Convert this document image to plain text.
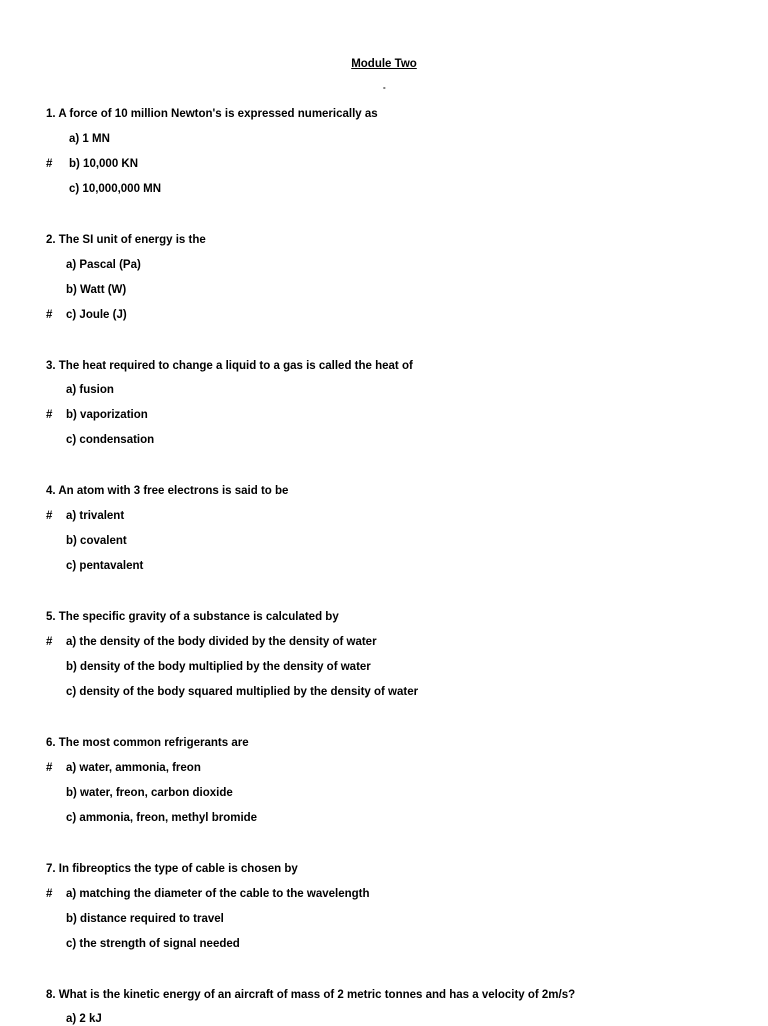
Module Two
-
1. A force of 10 million Newton's is expressed numerically as
a) 1 MN
# b) 10,000 KN
c) 10,000,000 MN
2. The SI unit of energy is the
a) Pascal (Pa)
b) Watt (W)
# c) Joule (J)
3. The heat required to change a liquid to a gas is called the heat of
a) fusion
# b) vaporization
c) condensation
4. An atom with 3 free electrons is said to be
# a) trivalent
b) covalent
c) pentavalent
5. The specific gravity of a substance is calculated by
# a) the density of the body divided by the density of water
b) density of the body multiplied by the density of water
c) density of the body squared multiplied by the density of water
6. The most common refrigerants are
# a) water, ammonia, freon
b) water, freon, carbon dioxide
c) ammonia, freon, methyl bromide
7. In fibreoptics the type of cable is chosen by
# a) matching the diameter of the cable to the wavelength
b) distance required to travel
c) the strength of signal needed
8. What is the kinetic energy of an aircraft of mass of 2 metric tonnes and has a velocity of 2m/s?
a) 2 kJ
